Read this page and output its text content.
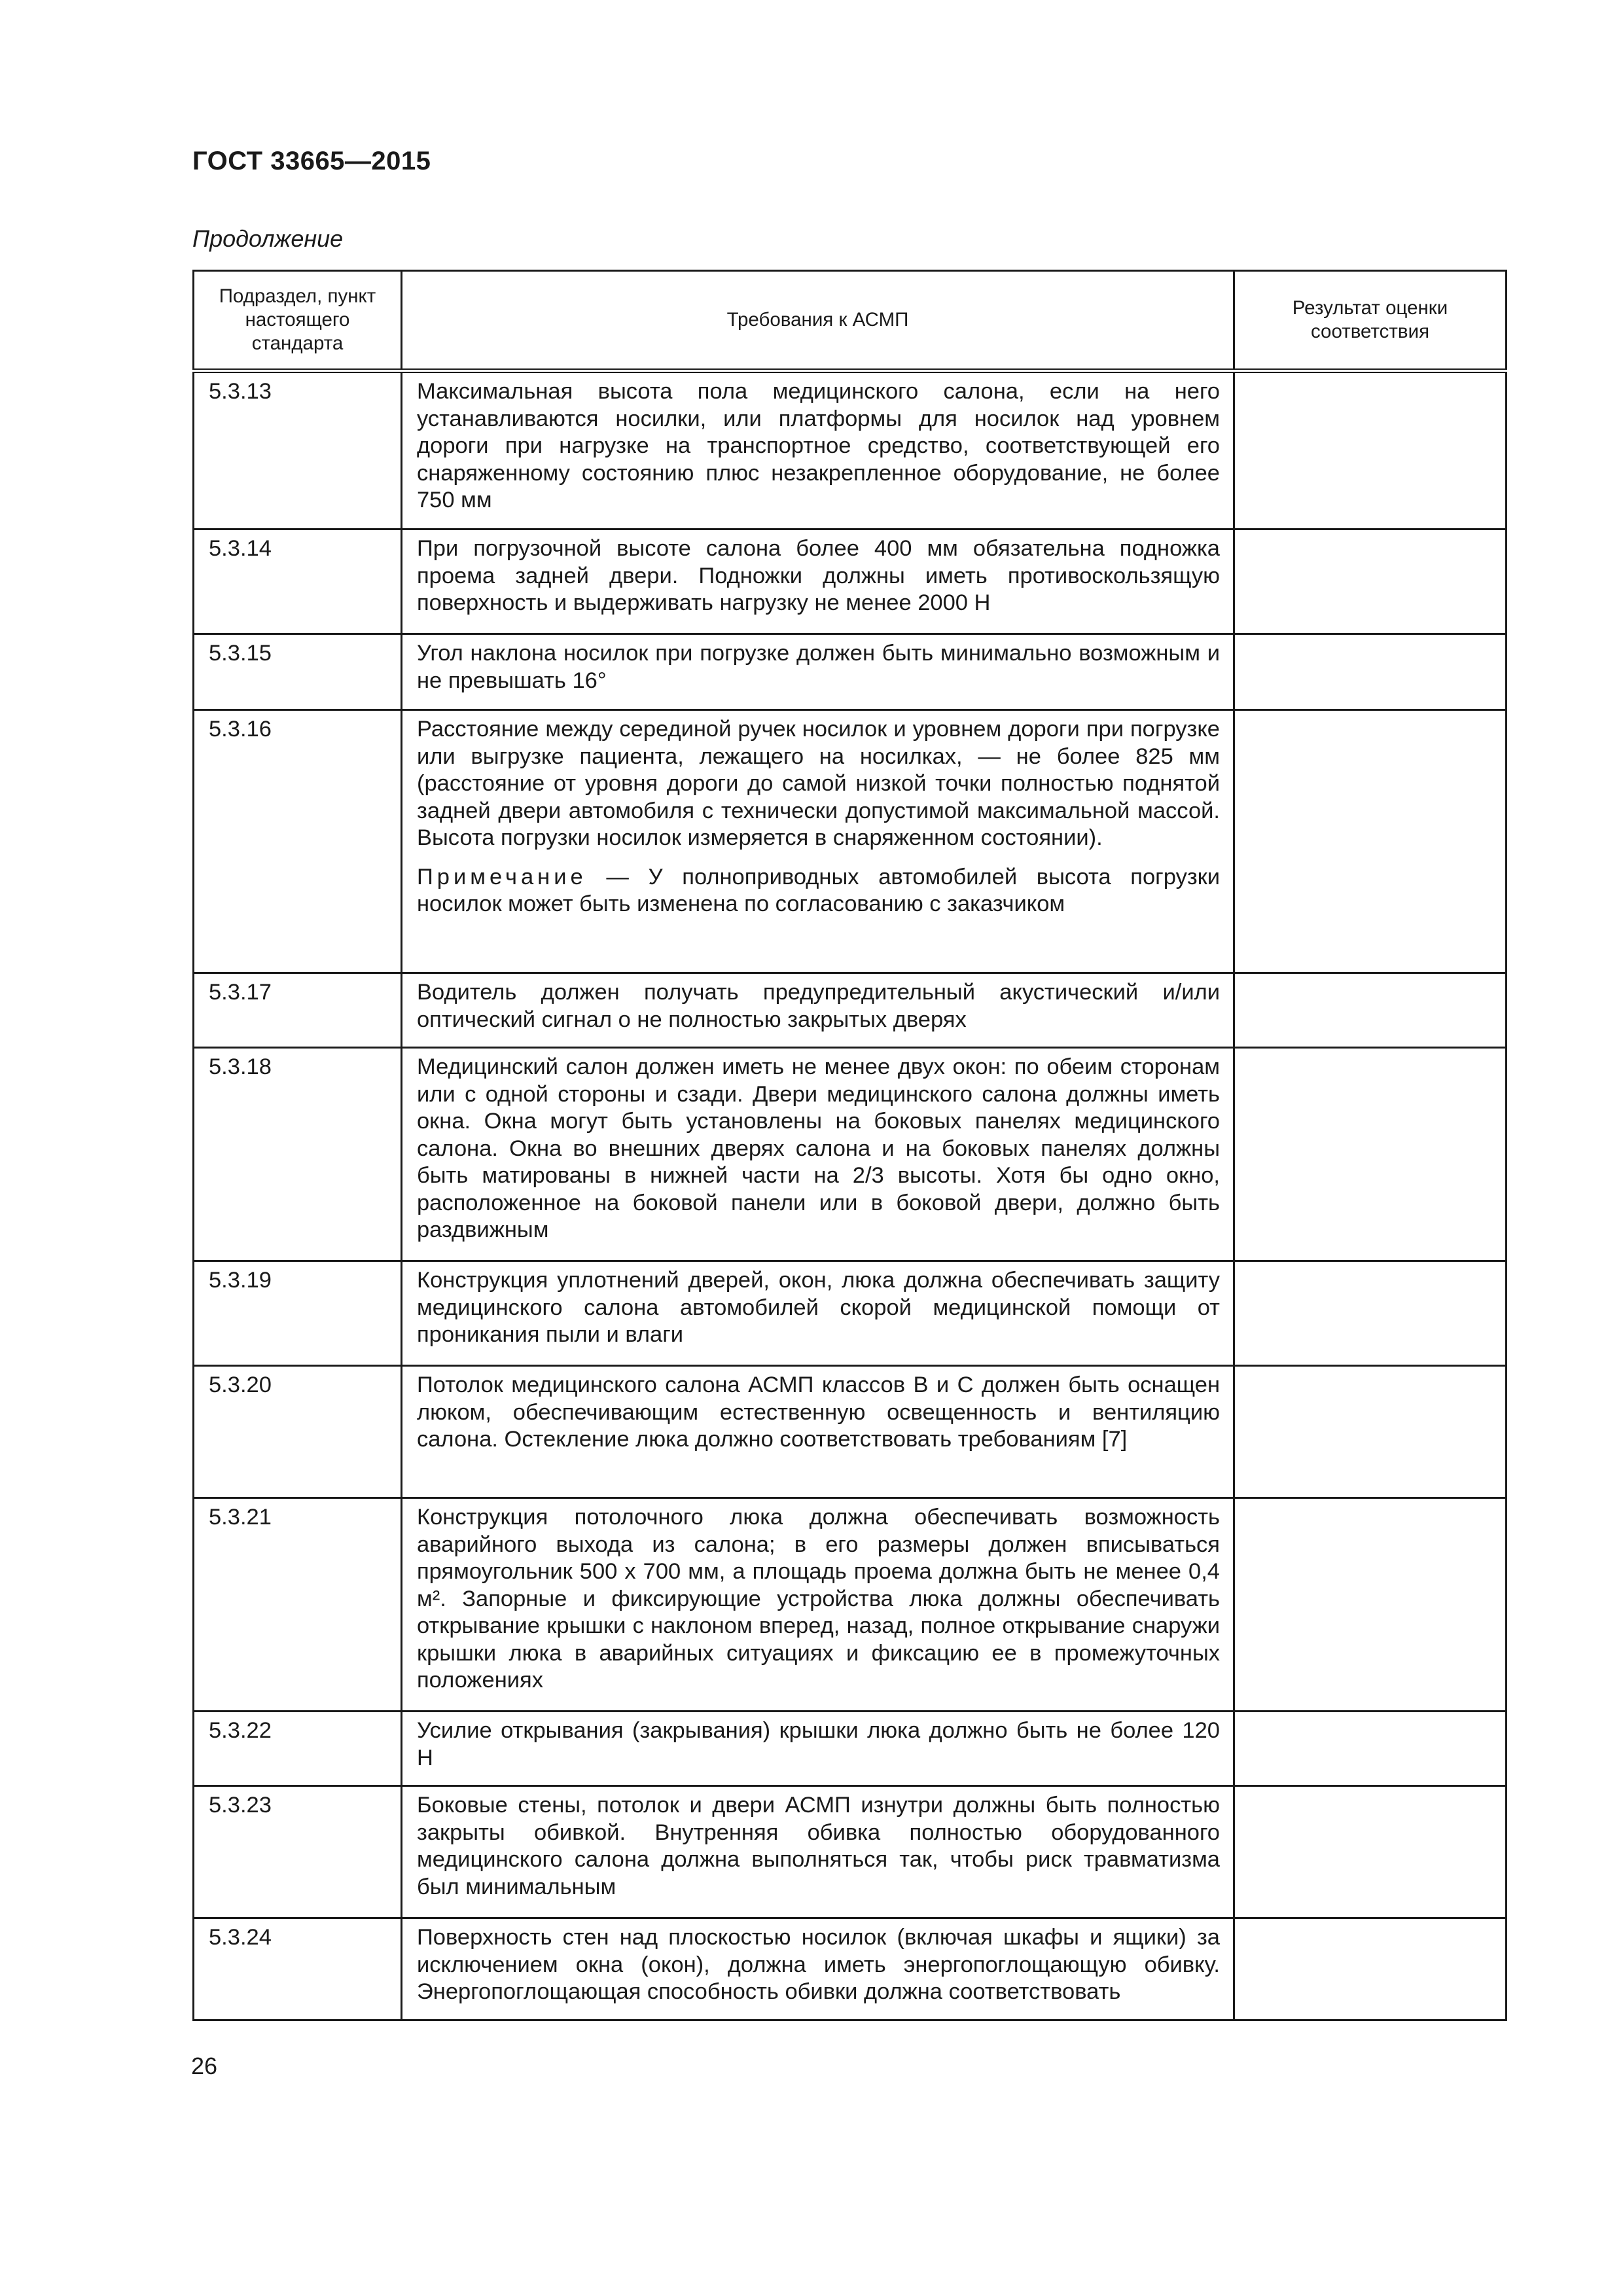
ГОСТ 33665—2015
Продолжение
Подраздел, пункт настоящего стандарта	Требования к АСМП	Результат оценки соответствия
5.3.13	Максимальная высота пола медицинского салона, если на него устанавливаются носилки, или платформы для носилок над уровнем дороги при нагрузке на транспортное средство, соответствующей его снаряженному состоянию плюс незакрепленное оборудование, не более 750 мм	
5.3.14	При погрузочной высоте салона более 400 мм обязательна подножка проема задней двери. Подножки должны иметь противоскользящую поверхность и выдерживать нагрузку не менее 2000 Н	
5.3.15	Угол наклона носилок при погрузке должен быть минимально возможным и не превышать 16°	
5.3.16	Расстояние между серединой ручек носилок и уровнем дороги при погрузке или выгрузке пациента, лежащего на носилках, — не более 825 мм (расстояние от уровня дороги до самой низкой точки полностью поднятой задней двери автомобиля с технически допустимой максимальной массой. Высота погрузки носилок измеряется в снаряженном состоянии).
Примечание — У полноприводных автомобилей высота погрузки носилок может быть изменена по согласованию с заказчиком	

5.3.17	Водитель должен получать предупредительный акустический и/или оптический сигнал о не полностью закрытых дверях	
5.3.18	Медицинский салон должен иметь не менее двух окон: по обеим сторонам или с одной стороны и сзади. Двери медицинского салона должны иметь окна. Окна могут быть установлены на боковых панелях медицинского салона. Окна во внешних дверях салона и на боковых панелях должны быть матированы в нижней части на 2/3 высоты. Хотя бы одно окно, расположенное на боковой панели или в боковой двери, должно быть раздвижным	
5.3.19	Конструкция уплотнений дверей, окон, люка должна обеспечивать защиту медицинского салона автомобилей скорой медицинской помощи от проникания пыли и влаги	
5.3.20	Потолок медицинского салона АСМП классов В и С должен быть оснащен люком, обеспечивающим естественную освещенность и вентиляцию салона. Остекление люка должно соответствовать требованиям [7]	
5.3.21	Конструкция потолочного люка должна обеспечивать возможность аварийного выхода из салона; в его размеры должен вписываться прямоугольник 500 х 700 мм, а площадь проема должна быть не менее 0,4 м². Запорные и фиксирующие устройства люка должны обеспечивать открывание крышки с наклоном вперед, назад, полное открывание снаружи крышки люка в аварийных ситуациях и фиксацию ее в промежуточных положениях	
5.3.22	Усилие открывания (закрывания) крышки люка должно быть не более 120 Н	
5.3.23	Боковые стены, потолок и двери АСМП изнутри должны быть полностью закрыты обивкой. Внутренняя обивка полностью оборудованного медицинского салона должна выполняться так, чтобы риск травматизма был минимальным	
5.3.24	Поверхность стен над плоскостью носилок (включая шкафы и ящики) за исключением окна (окон), должна иметь энергопоглощающую обивку. Энергопоглощающая способность обивки должна соответствовать	
26
